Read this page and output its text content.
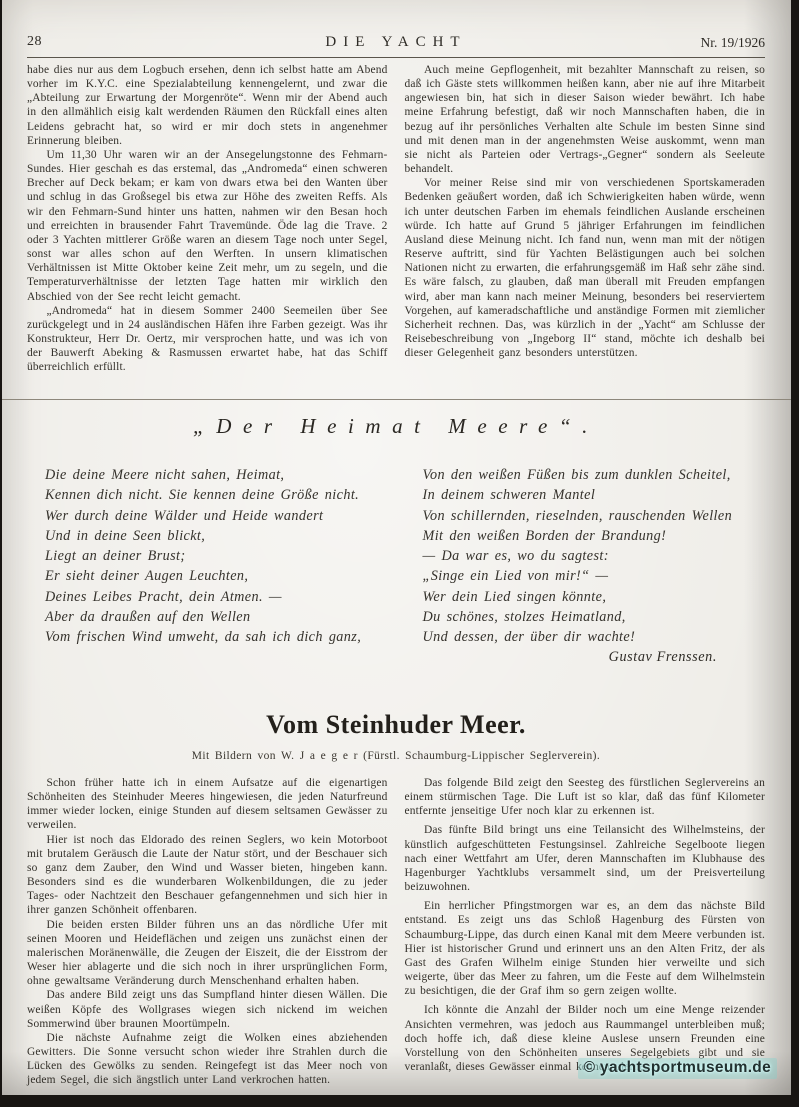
28	DIE YACHT	Nr. 19/1926

habe dies nur aus dem Logbuch ersehen, denn ich selbst hatte am Abend vorher im K.Y.C. eine Spezialabteilung kennengelernt, und zwar die „Abteilung zur Erwartung der Morgenröte“. Wenn mir der Abend auch in den allmählich eisig kalt werdenden Räumen den Rückfall eines alten Leidens gebracht hat, so wird er mir doch stets in angenehmer Erinnerung bleiben.

Um 11,30 Uhr waren wir an der Ansegelungstonne des Fehmarn-Sundes. Hier geschah es das erstemal, das „Andromeda“ einen schweren Brecher auf Deck bekam; er kam von dwars etwa bei den Wanten über und schlug in das Großsegel bis etwa zur Höhe des zweiten Reffs. Als wir den Fehmarn-Sund hinter uns hatten, nahmen wir den Besan hoch und erreichten in brausender Fahrt Travemünde. Öde lag die Trave. 2 oder 3 Yachten mittlerer Größe waren an diesem Tage noch unter Segel, sonst war alles schon auf den Werften. In unsern klimatischen Verhältnissen ist Mitte Oktober keine Zeit mehr, um zu segeln, und die Temperaturverhältnisse der letzten Tage hatten mir wirklich den Abschied von der See recht leicht gemacht.

„Andromeda“ hat in diesem Sommer 2400 Seemeilen über See zurückgelegt und in 24 ausländischen Häfen ihre Farben gezeigt. Was ihr Konstrukteur, Herr Dr. Oertz, mir versprochen hatte, und was ich von der Bauwerft Abeking & Rasmussen erwartet habe, hat das Schiff überreichlich erfüllt.

Auch meine Gepflogenheit, mit bezahlter Mannschaft zu reisen, so daß ich Gäste stets willkommen heißen kann, aber nie auf ihre Mitarbeit angewiesen bin, hat sich in dieser Saison wieder bewährt. Ich habe meine Erfahrung befestigt, daß wir noch Mannschaften haben, die in bezug auf ihr persönliches Verhalten alte Schule im besten Sinne sind und mit denen man in der angenehmsten Weise auskommt, wenn man sie nicht als Parteien oder Vertrags-„Gegner“ sondern als Seeleute behandelt.

Vor meiner Reise sind mir von verschiedenen Sportskameraden Bedenken geäußert worden, daß ich Schwierigkeiten haben würde, wenn ich unter deutschen Farben im ehemals feindlichen Auslande erscheinen würde. Ich hatte auf Grund 5 jähriger Erfahrungen im feindlichen Ausland diese Meinung nicht. Ich fand nun, wenn man mit der nötigen Reserve auftritt, sind für Yachten Belästigungen auch bei solchen Nationen nicht zu erwarten, die erfahrungsgemäß im Haß sehr zähe sind. Es wäre falsch, zu glauben, daß man überall mit Freuden empfangen wird, aber man kann nach meiner Meinung, besonders bei reserviertem Vorgehen, auf kameradschaftliche und anständige Formen mit ziemlicher Sicherheit rechnen. Das, was kürzlich in der „Yacht“ am Schlusse der Reisebeschreibung von „Ingeborg II“ stand, möchte ich deshalb bei dieser Gelegenheit ganz besonders unterstützen.

„Der Heimat Meere“.

Die deine Meere nicht sahen, Heimat,

Kennen dich nicht. Sie kennen deine Größe nicht.

Wer durch deine Wälder und Heide wandert

Und in deine Seen blickt,

Liegt an deiner Brust;

Er sieht deiner Augen Leuchten,

Deines Leibes Pracht, dein Atmen. —

Aber da draußen auf den Wellen

Vom frischen Wind umweht, da sah ich dich ganz,

Von den weißen Füßen bis zum dunklen Scheitel,

In deinem schweren Mantel

Von schillernden, rieselnden, rauschenden Wellen

Mit den weißen Borden der Brandung!

— Da war es, wo du sagtest:

„Singe ein Lied von mir!“ —

Wer dein Lied singen könnte,

Du schönes, stolzes Heimatland,

Und dessen, der über dir wachte!

Gustav Frenssen.
Vom Steinhuder Meer.

Mit Bildern von W. J a e g e r (Fürstl. Schaumburg-Lippischer Seglerverein).

Schon früher hatte ich in einem Aufsatze auf die eigenartigen Schönheiten des Steinhuder Meeres hingewiesen, die jeden Naturfreund immer wieder locken, einige Stunden auf diesem seltsamen Gewässer zu verweilen.

Hier ist noch das Eldorado des reinen Seglers, wo kein Motorboot mit brutalem Geräusch die Laute der Natur stört, und der Beschauer sich so ganz dem Zauber, den Wind und Wasser bieten, hingeben kann. Besonders sind es die wunderbaren Wolkenbildungen, die zu jeder Tages- oder Nachtzeit den Beschauer gefangennehmen und sich hier in ihrer ganzen Schönheit offenbaren.

Die beiden ersten Bilder führen uns an das nördliche Ufer mit seinen Mooren und Heideflächen und zeigen uns zunächst einen der malerischen Moränenwälle, die Zeugen der Eiszeit, die der Eisstrom der Weser hier ablagerte und die sich noch in ihrer ursprünglichen Form, ohne gewaltsame Veränderung durch Menschenhand erhalten haben.

Das andere Bild zeigt uns das Sumpfland hinter diesen Wällen. Die weißen Köpfe des Wollgrases wiegen sich nickend im weichen Sommerwind über braunen Moortümpeln.

Die nächste Aufnahme zeigt die Wolken eines abziehenden Gewitters. Die Sonne versucht schon wieder ihre Strahlen durch die Lücken des Gewölks zu senden. Reingefegt ist das Meer noch von jedem Segel, die sich ängstlich unter Land verkrochen hatten.

Das folgende Bild zeigt den Seesteg des fürstlichen Seglervereins an einem stürmischen Tage. Die Luft ist so klar, daß das fünf Kilometer entfernte jenseitige Ufer noch klar zu erkennen ist.

Das fünfte Bild bringt uns eine Teilansicht des Wilhelmsteins, der künstlich aufgeschütteten Festungsinsel. Zahlreiche Segelboote liegen nach einer Wettfahrt am Ufer, deren Mannschaften im Klubhause des Hagenburger Yachtklubs versammelt sind, um der Preisverteilung beizuwohnen.

Ein herrlicher Pfingstmorgen war es, an dem das nächste Bild entstand. Es zeigt uns das Schloß Hagenburg des Fürsten von Schaumburg-Lippe, das durch einen Kanal mit dem Meere verbunden ist. Hier ist historischer Grund und erinnert uns an den Alten Fritz, der als Gast des Grafen Wilhelm einige Stunden hier verweilte und sich weigerte, über das Meer zu fahren, um die Feste auf dem Wilhelmstein zu besichtigen, die der Graf ihm so gern zeigen wollte.

Ich könnte die Anzahl der Bilder noch um eine Menge reizender Ansichten vermehren, was jedoch aus Raummangel unterbleiben muß; doch hoffe ich, daß diese kleine Auslese unsern Freunden eine Vorstellung von den Schönheiten unseres Segelgebiets gibt und sie veranlaßt, dieses Gewässer einmal kennenzulernen.

© yachtsportmuseum.de
